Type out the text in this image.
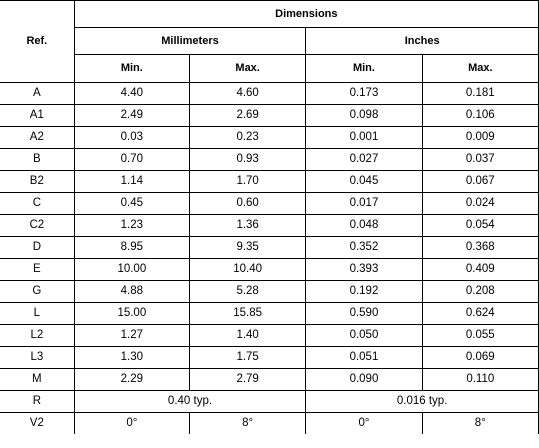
Ref.	Dimensions			
	Millimeters		Inches	
	Min.	Max.	Min.	Max.
A	4.40	4.60	0.173	0.181
A1	2.49	2.69	0.098	0.106
A2	0.03	0.23	0.001	0.009
B	0.70	0.93	0.027	0.037
B2	1.14	1.70	0.045	0.067
C	0.45	0.60	0.017	0.024
C2	1.23	1.36	0.048	0.054
D	8.95	9.35	0.352	0.368
E	10.00	10.40	0.393	0.409
G	4.88	5.28	0.192	0.208
L	15.00	15.85	0.590	0.624
L2	1.27	1.40	0.050	0.055
L3	1.30	1.75	0.051	0.069
M	2.29	2.79	0.090	0.110
R	0.40 typ.		0.016 typ.	
V2	0°	8°	0°	8°
